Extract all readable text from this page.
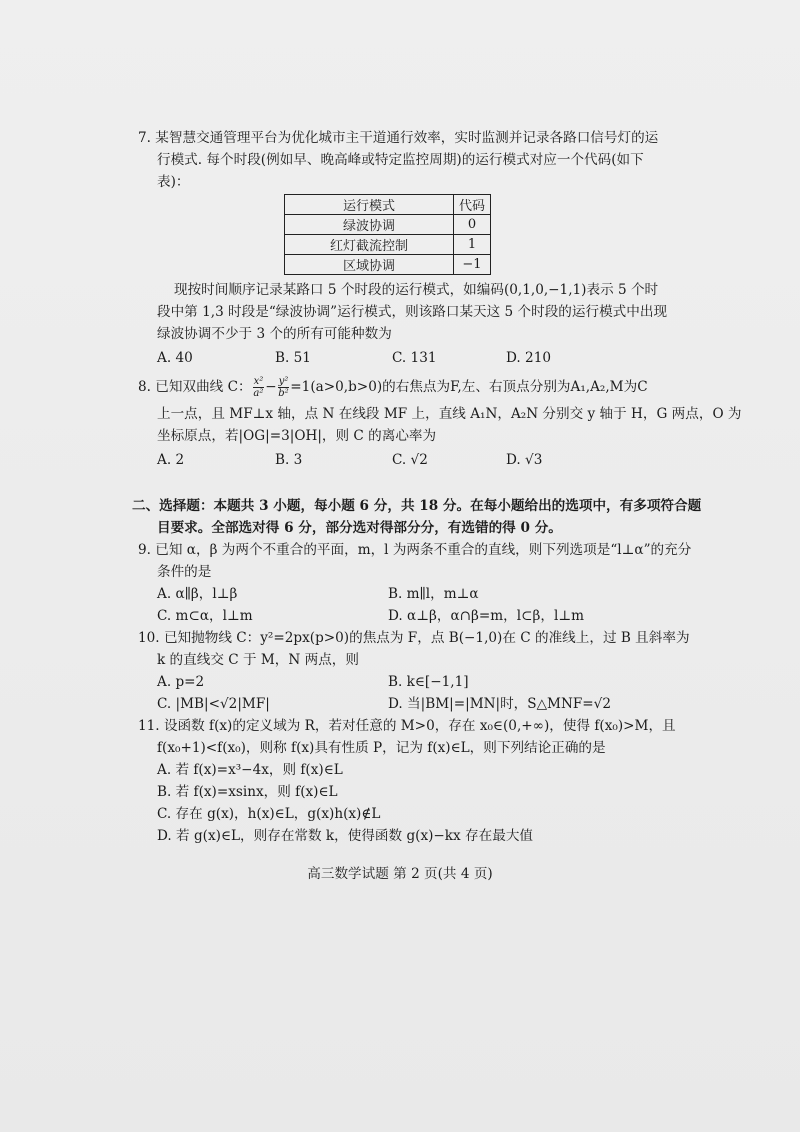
7. 某智慧交通管理平台为优化城市主干道通行效率，实时监测并记录各路口信号灯的运
行模式. 每个时段(例如早、晚高峰或特定监控周期)的运行模式对应一个代码(如下
表)：
运行模式	代码
绿波协调	0
红灯截流控制	1
区域协调	−1
现按时间顺序记录某路口 5 个时段的运行模式，如编码(0,1,0,−1,1)表示 5 个时
段中第 1,3 时段是“绿波协调”运行模式，则该路口某天这 5 个时段的运行模式中出现
绿波协调不少于 3 个的所有可能种数为
A. 40	B. 51	C. 131	D. 210
8. 已知双曲线 C： $\frac{\text{x²}}{\text{a²}} - \frac{\text{y²}}{\text{b²}} =1(a>0,b>0)$的右焦点为F,左、右顶点分别为A₁,A₂,M为C
上一点，且 MF⊥x 轴，点 N 在线段 MF 上，直线 A₁N，A₂N 分别交 y 轴于 H，G 两点，O 为
坐标原点，若|OG|=3|OH|，则 C 的离心率为
A. 2	B. 3	C. √2	D. √3
二、选择题：本题共 3 小题，每小题 6 分，共 18 分。在每小题给出的选项中，有多项符合题
目要求。全部选对得 6 分，部分选对得部分分，有选错的得 0 分。
9. 已知 α，β 为两个不重合的平面，m，l 为两条不重合的直线，则下列选项是“l⊥α”的充分
条件的是
A. α∥β，l⊥β	B. m∥l，m⊥α
C. m⊂α，l⊥m	D. α⊥β，α∩β=m，l⊂β，l⊥m
10. 已知抛物线 C：y²=2px(p>0)的焦点为 F，点 B(−1,0)在 C 的准线上，过 B 且斜率为
k 的直线交 C 于 M，N 两点，则
A. p=2	B. k∈[−1,1]
C. |MB|<√2|MF|	D. 当|BM|=|MN|时，S△MNF=√2
11. 设函数 f(x)的定义域为 R，若对任意的 M>0，存在 x₀∈(0,+∞)，使得 f(x₀)>M，且
f(x₀+1)<f(x₀)，则称 f(x)具有性质 P，记为 f(x)∈L，则下列结论正确的是
A. 若 f(x)=x³−4x，则 f(x)∈L
B. 若 f(x)=xsinx，则 f(x)∈L
C. 存在 g(x)，h(x)∈L，g(x)h(x)∉L
D. 若 g(x)∈L，则存在常数 k，使得函数 g(x)−kx 存在最大值
高三数学试题 第 2 页(共 4 页)
